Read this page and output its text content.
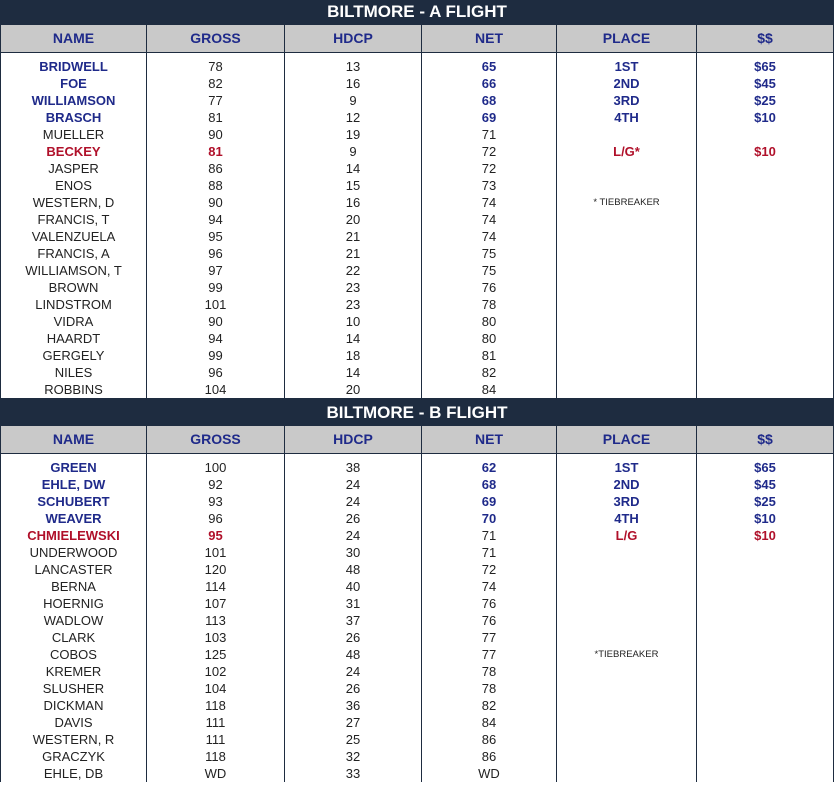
BILTMORE - A FLIGHT
NAME
BRIDWELL
FOE
WILLIAMSON
BRASCH
MUELLER
BECKEY
JASPER
ENOS
WESTERN, D
FRANCIS, T
VALENZUELA
FRANCIS, A
WILLIAMSON, T
BROWN
LINDSTROM
VIDRA
HAARDT
GERGELY
NILES
ROBBINS
GROSS
78
82
77
81
90
81
86
88
90
94
95
96
97
99
101
90
94
99
96
104
HDCP
13
16
9
12
19
9
14
15
16
20
21
21
22
23
23
10
14
18
14
20
NET
65
66
68
69
71
72
72
73
74
74
74
75
75
76
78
80
80
81
82
84
PLACE
1ST
2ND
3RD
4TH
L/G*
* TIEBREAKER
$$
$65
$45
$25
$10
$10
BILTMORE - B FLIGHT
NAME
GREEN
EHLE, DW
SCHUBERT
WEAVER
CHMIELEWSKI
UNDERWOOD
LANCASTER
BERNA
HOERNIG
WADLOW
CLARK
COBOS
KREMER
SLUSHER
DICKMAN
DAVIS
WESTERN, R
GRACZYK
EHLE, DB
GROSS
100
92
93
96
95
101
120
114
107
113
103
125
102
104
118
111
111
118
WD
HDCP
38
24
24
26
24
30
48
40
31
37
26
48
24
26
36
27
25
32
33
NET
62
68
69
70
71
71
72
74
76
76
77
77
78
78
82
84
86
86
WD
PLACE
1ST
2ND
3RD
4TH
L/G
*TIEBREAKER
$$
$65
$45
$25
$10
$10
